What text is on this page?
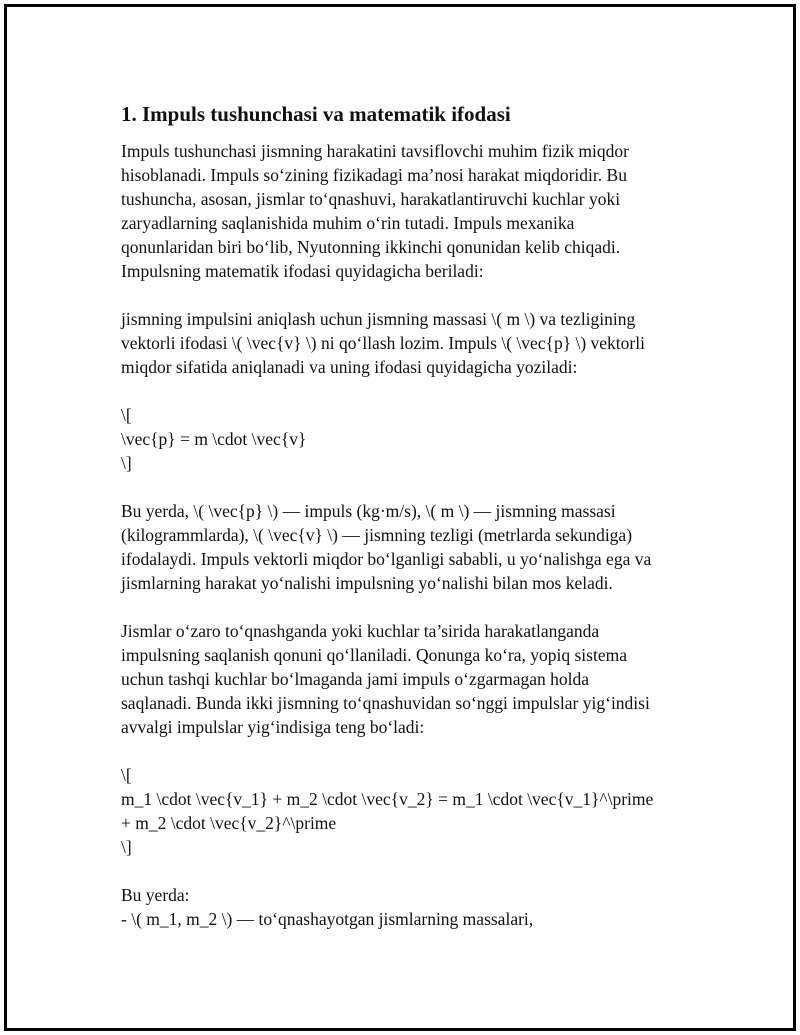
1. Impuls tushunchasi va matematik ifodasi
Impuls tushunchasi jismning harakatini tavsiflovchi muhim fizik miqdor
hisoblanadi. Impuls so‘zining fizikadagi ma’nosi harakat miqdoridir. Bu
tushuncha, asosan, jismlar to‘qnashuvi, harakatlantiruvchi kuchlar yoki
zaryadlarning saqlanishida muhim o‘rin tutadi. Impuls mexanika
qonunlaridan biri bo‘lib, Nyutonning ikkinchi qonunidan kelib chiqadi.
Impulsning matematik ifodasi quyidagicha beriladi:
jismning impulsini aniqlash uchun jismning massasi \( m \) va tezligining
vektorli ifodasi \( \vec{v} \) ni qo‘llash lozim. Impuls \( \vec{p} \) vektorli
miqdor sifatida aniqlanadi va uning ifodasi quyidagicha yoziladi:
\[
\vec{p} = m \cdot \vec{v}
\]
Bu yerda, \( \vec{p} \) — impuls (kg·m/s), \( m \) — jismning massasi
(kilogrammlarda), \( \vec{v} \) — jismning tezligi (metrlarda sekundiga)
ifodalaydi. Impuls vektorli miqdor bo‘lganligi sababli, u yo‘nalishga ega va
jismlarning harakat yo‘nalishi impulsning yo‘nalishi bilan mos keladi.
Jismlar o‘zaro to‘qnashganda yoki kuchlar ta’sirida harakatlanganda
impulsning saqlanish qonuni qo‘llaniladi. Qonunga ko‘ra, yopiq sistema
uchun tashqi kuchlar bo‘lmaganda jami impuls o‘zgarmagan holda
saqlanadi. Bunda ikki jismning to‘qnashuvidan so‘nggi impulslar yig‘indisi
avvalgi impulslar yig‘indisiga teng bo‘ladi:
\[
m_1 \cdot \vec{v_1} + m_2 \cdot \vec{v_2} = m_1 \cdot \vec{v_1}^\prime
+ m_2 \cdot \vec{v_2}^\prime
\]
Bu yerda:
- \( m_1, m_2 \) — to‘qnashayotgan jismlarning massalari,
